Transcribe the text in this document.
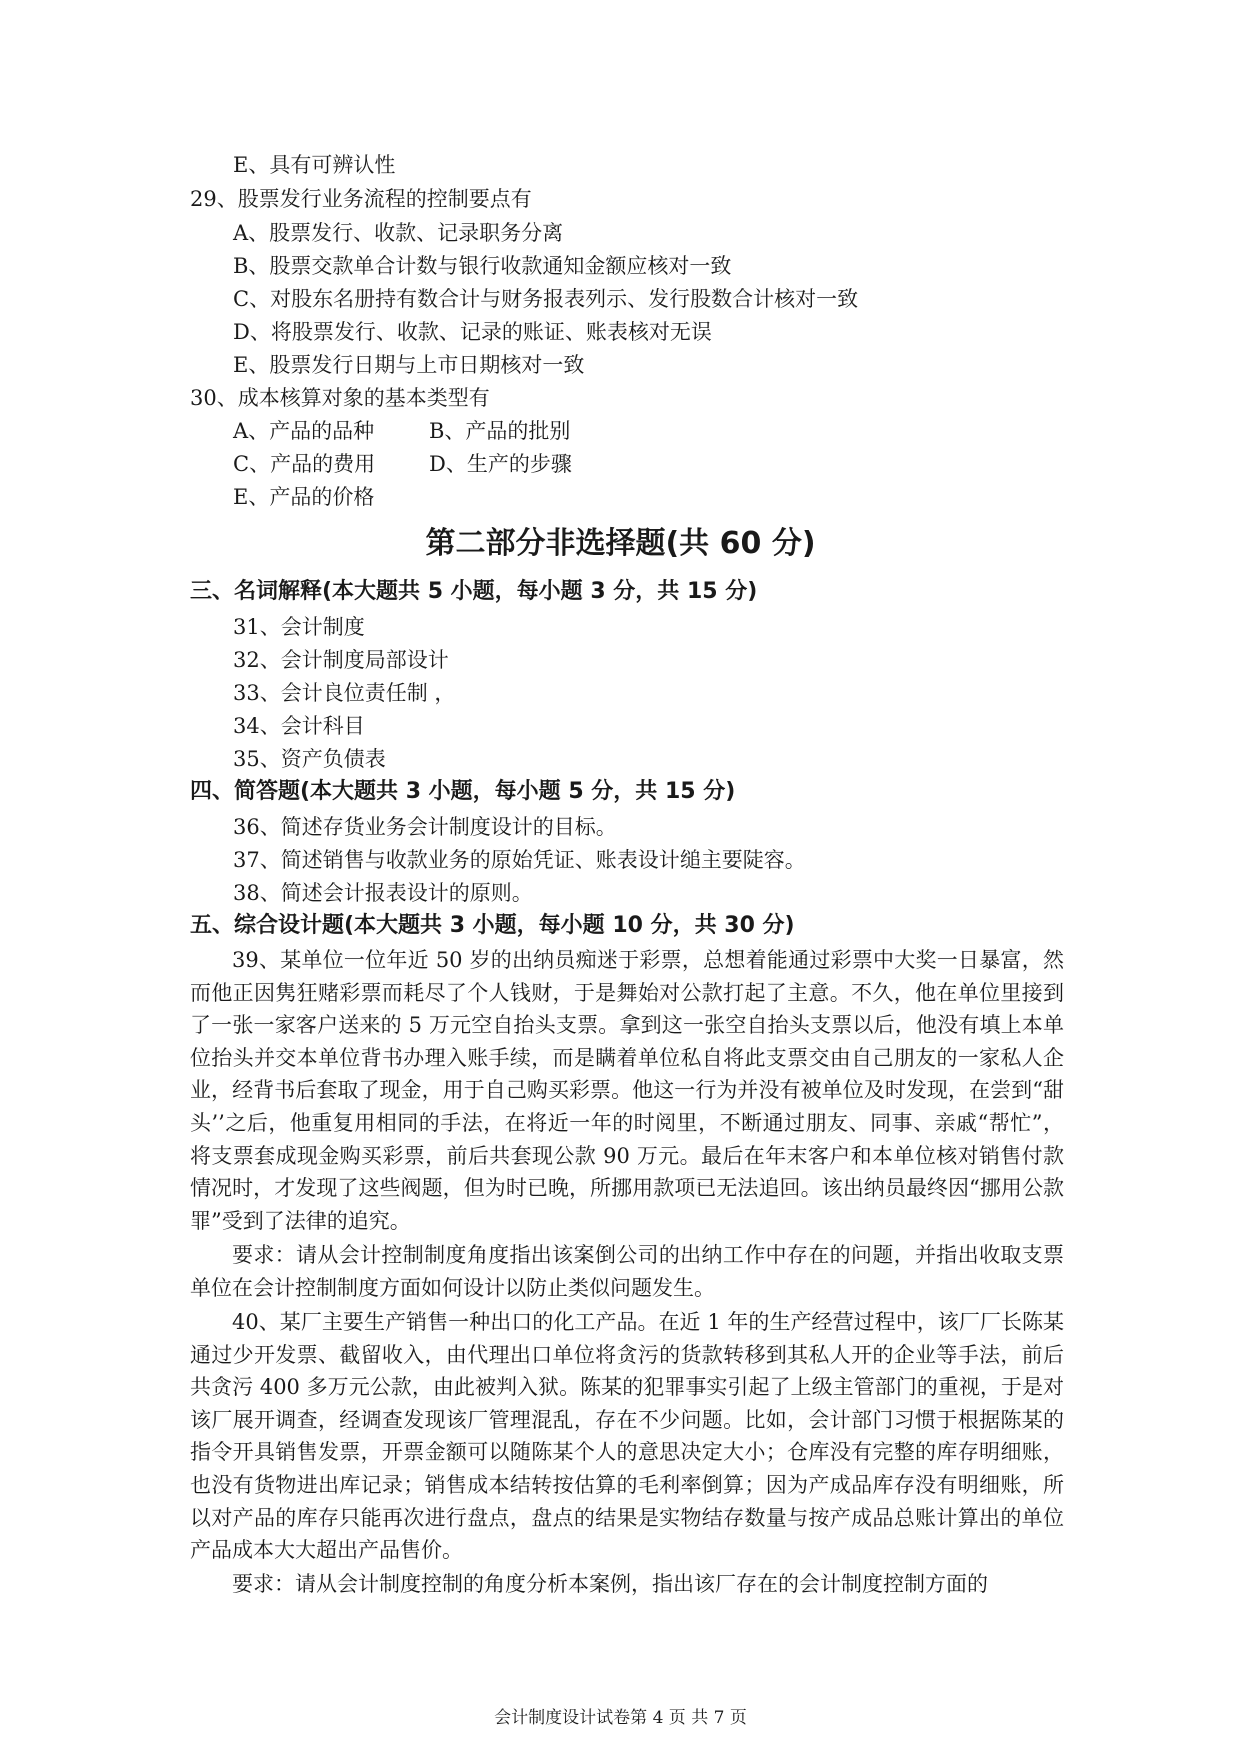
E、具有可辨认性
29、股票发行业务流程的控制要点有
A、股票发行、收款、记录职务分离
B、股票交款单合计数与银行收款通知金额应核对一致
C、对股东名册持有数合计与财务报表列示、发行股数合计核对一致
D、将股票发行、收款、记录的账证、账表核对无误
E、股票发行日期与上市日期核对一致
30、成本核算对象的基本类型有
A、产品的品种	B、产品的批别
C、产品的费用	D、生产的步骤
E、产品的价格
第二部分非选择题(共 60 分)
三、名词解释(本大题共 5 小题，每小题 3 分，共 15 分)
31、会计制度
32、会计制度局部设计
33、会计良位责任制 ，
34、会计科目
35、资产负债表
四、简答题(本大题共 3 小题，每小题 5 分，共 15 分)
36、简述存货业务会计制度设计的目标。
37、简述销售与收款业务的原始凭证、账表设计缒主要陡容。
38、简述会计报表设计的原则。
五、综合设计题(本大题共 3 小题，每小题 10 分，共 30 分)
39、某单位一位年近 50 岁的出纳员痴迷于彩票，总想着能通过彩票中大奖一日暴富，然而他正因隽狂赌彩票而耗尽了个人钱财，于是舞始对公款打起了主意。不久，他在单位里接到了一张一家客户送来的 5 万元空自抬头支票。拿到这一张空自抬头支票以后，他没有填上本单位抬头并交本单位背书办理入账手续，而是瞒着单位私自将此支票交由自己朋友的一家私人企业，经背书后套取了现金，用于自己购买彩票。他这一行为并没有被单位及时发现，在尝到“甜头’’之后，他重复用相同的手法，在将近一年的时阅里，不断通过朋友、同事、亲戚“帮忙”，将支票套成现金购买彩票，前后共套现公款 90 万元。最后在年末客户和本单位核对销售付款情况时，才发现了这些阀题，但为时已晚，所挪用款项已无法追回。该出纳员最终因“挪用公款罪”受到了法律的追究。
要求：请从会计控制制度角度指出该案倒公司的出纳工作中存在的问题，并指出收取支票单位在会计控制制度方面如何设计以防止类似问题发生。
40、某厂主要生产销售一种出口的化工产品。在近 1 年的生产经营过程中，该厂厂长陈某通过少开发票、截留收入，由代理出口单位将贪污的货款转移到其私人开的企业等手法，前后共贪污 400 多万元公款，由此被判入狱。陈某的犯罪事实引起了上级主管部门的重视，于是对该厂展开调查，经调查发现该厂管理混乱，存在不少问题。比如，会计部门习惯于根据陈某的指令开具销售发票，开票金额可以随陈某个人的意思决定大小；仓库没有完整的库存明细账，也没有货物进出库记录；销售成本结转按估算的毛利率倒算；因为产成品库存没有明细账，所以对产品的库存只能再次进行盘点，盘点的结果是实物结存数量与按产成品总账计算出的单位产品成本大大超出产品售价。
要求：请从会计制度控制的角度分析本案例，指出该厂存在的会计制度控制方面的
会计制度设计试卷第 4 页 共 7 页
